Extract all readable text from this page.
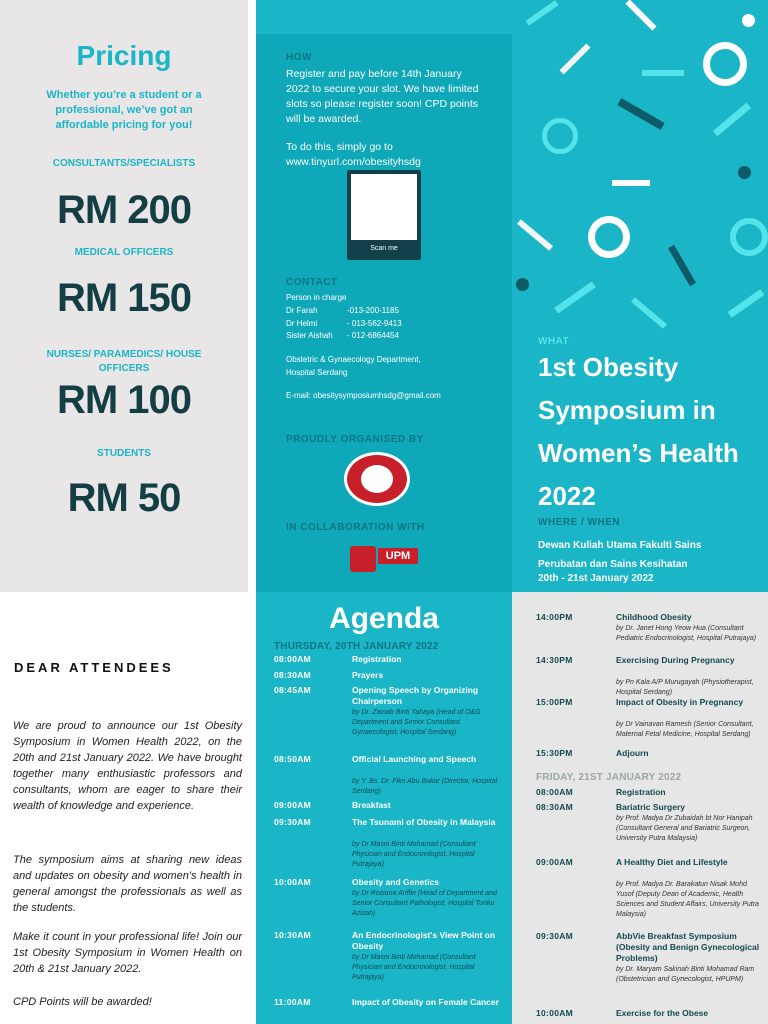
Pricing
Whether you’re a student or a professional, we’ve got an affordable pricing for you!
CONSULTANTS/SPECIALISTS
RM 200
MEDICAL OFFICERS
RM 150
NURSES/ PARAMEDICS/ HOUSE OFFICERS
RM 100
STUDENTS
RM 50
HOW
Register and pay before 14th January 2022 to secure your slot. We have limited slots so please register soon! CPD points will be awarded.
To do this, simply go to www.tinyurl.com/obesityhsdg
Scan me
CONTACT
Person in charge
Dr Farah	-013-200-1185
Dr Helmi	- 013-562-9413
Sister Aishah - 012-6864454
Obstetric & Gynaecology Department, Hospital Serdang
E-mail: obesitysymposiumhsdg@gmail.com
PROUDLY ORGANISED BY
IN COLLABORATION WITH
UPM
WHAT
1st Obesity Symposium in Women’s Health 2022
WHERE / WHEN
Dewan Kuliah Utama Fakulti Sains
Perubatan dan Sains Kesihatan
20th - 21st January 2022
DEAR ATTENDEES
We are proud to announce our 1st Obesity Symposium in Women Health 2022, on the 20th and 21st January 2022. We have brought together many enthusiastic professors and consultants, whom are eager to share their wealth of knowledge and experience.
The symposium aims at sharing new ideas and updates on obesity and women's health in general amongst the professionals as well as the students.
Make it count in your professional life! Join our 1st Obesity Symposium in Women Health on 20th & 21st January 2022.
CPD Points will be awarded!
Agenda
THURSDAY, 20TH JANUARY 2022
08:00AM	Registration
08:30AM	Prayers
08:45AM	Opening Speech by Organizing Chairperson
by Dr. Zainab Binti Yahaya (Head of O&G Department and Senior Consultant Gynaecologist, Hospital Serdang)
08:50AM	Official Launching and Speech
by Y. Bs. Dr. Fikri Abu Bakar (Director, Hospital Serdang)
09:00AM	Breakfast
09:30AM	The Tsunami of Obesity in Malaysia
by Dr Masni Binti Mohamad (Consultant Physician and Endocrinologist, Hospital Putrajaya)
10:00AM	Obesity and Genetics
by Dr Roziana Ariffin (Head of Department and Senior Consultant Pathologist, Hospital Tunku Azizah)
10:30AM	An Endocrinologist's View Point on Obesity
by Dr Masni Binti Mohamad (Consultant Physician and Endocrinologist, Hospital Putrajaya)
11:00AM	Impact of Obesity on Female Cancer
14:00PM	Childhood Obesity
by Dr. Janet Hong Yeow Hua (Consultant Pediatric Endocrinologist, Hospital Putrajaya)
14:30PM	Exercising During Pregnancy
by Pn Kala A/P Murugayah (Physiotherapist, Hospital Serdang)
15:00PM	Impact of Obesity in Pregnancy
by Dr Vainavan Ramesh (Senior Consultant, Maternal Fetal Medicine, Hospital Serdang)
15:30PM	Adjourn
FRIDAY, 21ST JANUARY 2022
08:00AM	Registration
08:30AM	Bariatric Surgery
by Prof. Madya Dr Zubaidah bt Nor Hanipah (Consultant General and Bariatric Surgeon, University Putra Malaysia)
09:00AM	A Healthy Diet and Lifestyle
by Prof. Madya Dr. Barakatun Nisak Mohd Yusof (Deputy Dean of Academic, Health Sciences and Student Affairs, University Putra Malaysia)
09:30AM	AbbVie Breakfast Symposium (Obesity and Benign Gynecological Problems)
by Dr. Maryam Sakinah Binti Mohamad Ram (Obstetrician and Gynecologist, HPUPM)
10:00AM	Exercise for the Obese
